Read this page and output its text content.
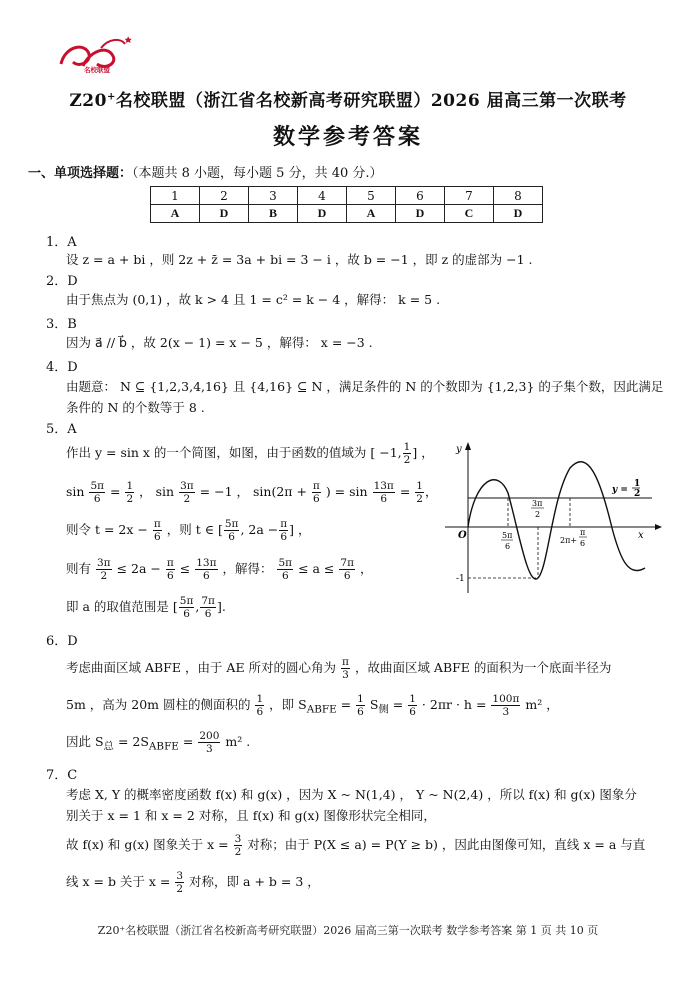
名校联盟
Z20+名校联盟（浙江省名校新高考研究联盟）2026 届高三第一次联考
数学参考答案
一、单项选择题：（本题共 8 小题，每小题 5 分，共 40 分.）
1	2	3	4	5	6	7	8
A	D	B	D	A	D	C	D
1．A
设 z = a + bi ，则 2z + z̄ = 3a + bi = 3 − i ，故 b = −1 ，即 z 的虚部为 −1 .
2．D
由于焦点为 (0,1) ，故 k > 4 且 1 = c² = k − 4 ，解得： k = 5 .
3．B
因为 a⃗ // b⃗ ，故 2(x − 1) = x − 5 ，解得： x = −3 .
4．D
由题意： N ⊆ {1,2,3,4,16} 且 {4,16} ⊆ N ，满足条件的 N 的个数即为 {1,2,3} 的子集个数，因此满足
条件的 N 的个数等于 8 .
5．A
作出 y = sin x 的一个简图，如图，由于函数的值域为 [ −1, $\frac{1}{2}$ ] ，
$\sin \frac{5\pi}{6} = \frac{1}{2}$ ， $\sin \frac{3\pi}{2} = -1$ ， $\sin(2\pi + \frac{\pi}{6}$ ) = $\sin \frac{13\pi}{6} = \frac{1}{2}$ ，
则令 $t = 2x - \frac{\pi}{6}$ ，则 t ∈ [ $\frac{5\pi}{6}$ , $2a - \frac{\pi}{6}$ ] ，
则有 $\frac{3\pi}{2} \le 2a - \frac{\pi}{6} \le \frac{13\pi}{6}$ ，解得： $\frac{5\pi}{6} \le a \le \frac{7\pi}{6}$ ，
即 a 的取值范围是 [ $\frac{5\pi}{6}$ , $\frac{7\pi}{6}$ ].
y
x
O
y =
1
2
-1
5π
6
3π
2
2π+
π
6
6．D
考虑曲面区域 ABFE ，由于 AE 所对的圆心角为 $\frac{\pi}{3}$ ，故曲面区域 ABFE 的面积为一个底面半径为
5m ，高为 20m 圆柱的侧面积的 $\frac{1}{6}$ ，即 $S_{ABFE} = \frac{1}{6} S_侧 = \frac{1}{6} \cdot 2\pi r \cdot h = \frac{100\pi}{3} m^2$ ，
因此 $S_总 = 2S_{ABFE} = \frac{200}{3} m^2$ .
7．C
考虑 X, Y 的概率密度函数 f(x) 和 g(x) ，因为 X ~ N(1,4) ， Y ~ N(2,4) ，所以 f(x) 和 g(x) 图象分
别关于 x = 1 和 x = 2 对称，且 f(x) 和 g(x) 图像形状完全相同，
故 f(x) 和 g(x) 图象关于 $x = \frac{3}{2}$ 对称；由于 P(X ≤ a) = P(Y ≥ b) ，因此由图像可知，直线 x = a 与直
线 x = b 关于 $x = \frac{3}{2}$ 对称，即 a + b = 3 ，
Z20⁺名校联盟（浙江省名校新高考研究联盟）2026 届高三第一次联考 数学参考答案 第 1 页 共 10 页
